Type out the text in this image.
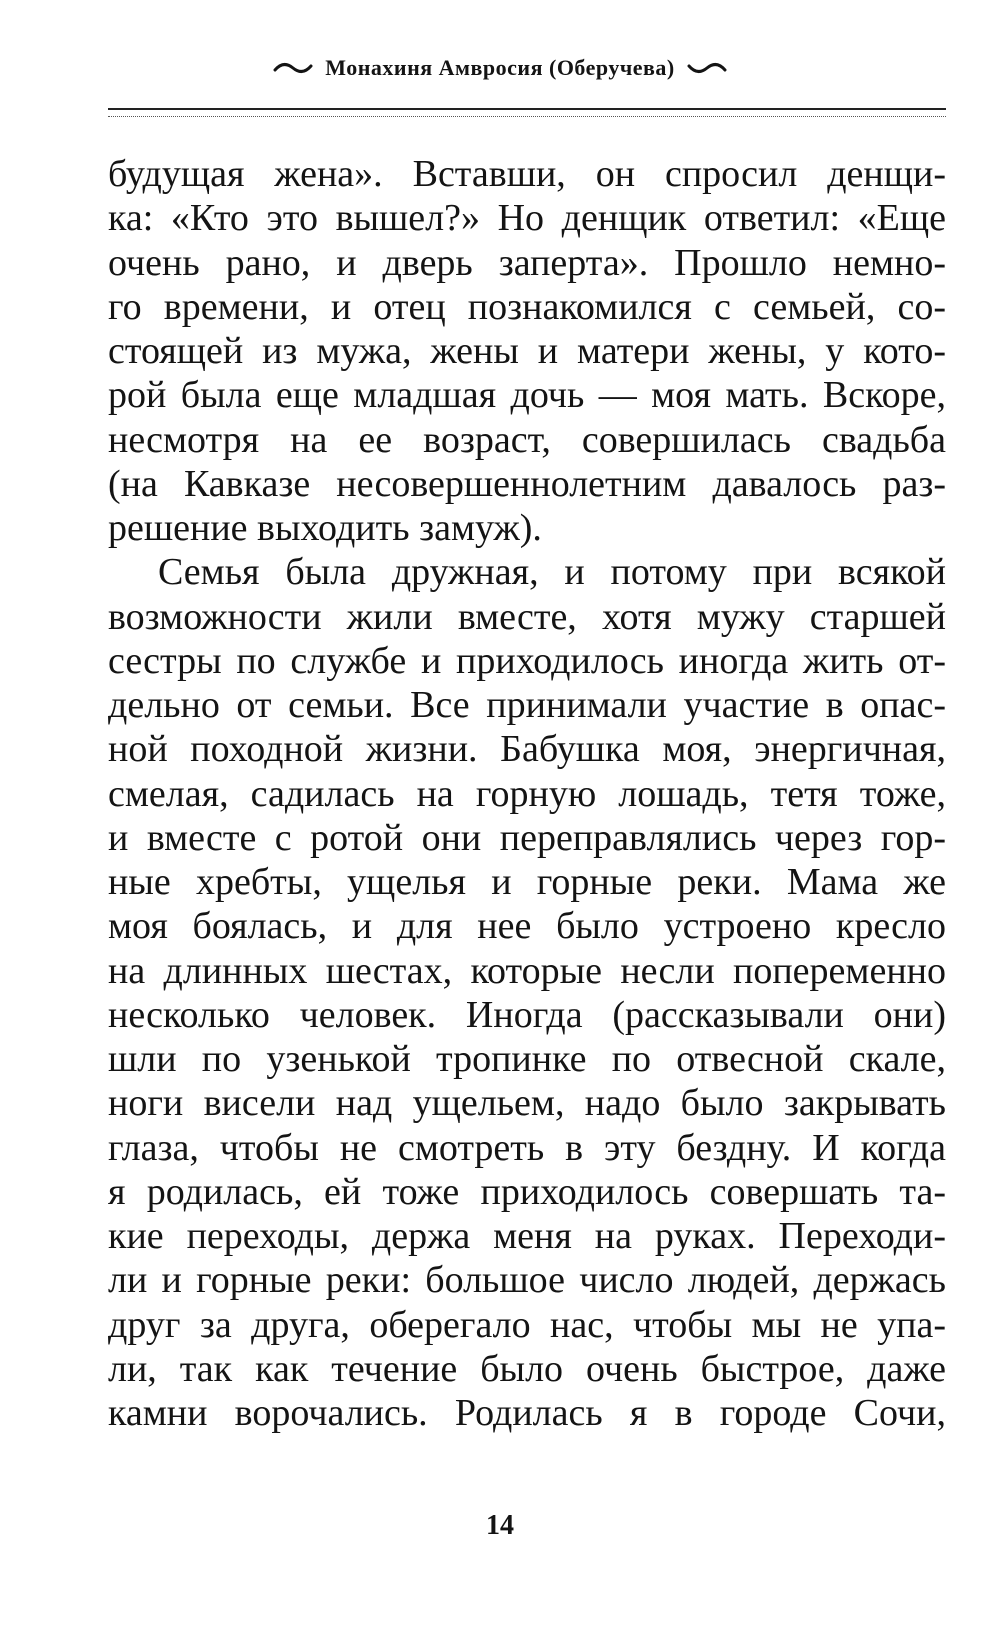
Монахиня Амвросия (Оберучева)
будущая жена». Вставши, он спросил денщи-
ка: «Кто это вышел?» Но денщик ответил: «Еще
очень рано, и дверь заперта». Прошло немно-
го времени, и отец познакомился с семьей, со-
стоящей из мужа, жены и матери жены, у кото-
рой была еще младшая дочь — моя мать. Вскоре,
несмотря на ее возраст, совершилась свадьба
(на Кавказе несовершеннолетним давалось раз-
решение выходить замуж).
Семья была дружная, и потому при всякой
возможности жили вместе, хотя мужу старшей
сестры по службе и приходилось иногда жить от-
дельно от семьи. Все принимали участие в опас-
ной походной жизни. Бабушка моя, энергичная,
смелая, садилась на горную лошадь, тетя тоже,
и вместе с ротой они переправлялись через гор-
ные хребты, ущелья и горные реки. Мама же
моя боялась, и для нее было устроено кресло
на длинных шестах, которые несли попеременно
несколько человек. Иногда (рассказывали они)
шли по узенькой тропинке по отвесной скале,
ноги висели над ущельем, надо было закрывать
глаза, чтобы не смотреть в эту бездну. И когда
я родилась, ей тоже приходилось совершать та-
кие переходы, держа меня на руках. Переходи-
ли и горные реки: большое число людей, держась
друг за друга, оберегало нас, чтобы мы не упа-
ли, так как течение было очень быстрое, даже
камни ворочались. Родилась я в городе Сочи,
14
